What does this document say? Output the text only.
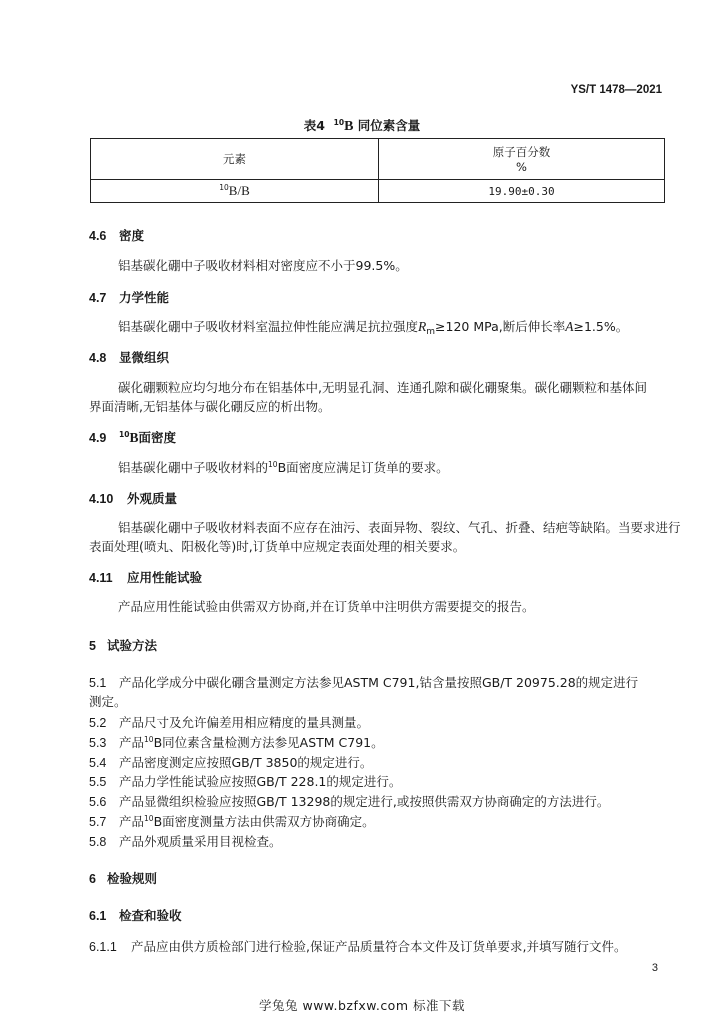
YS/T 1478—2021
表4 $^{10}$B 同位素含量
元素	原子百分数
%
$^{10}$B/B	19.90±0.30
4.6 密度
铝基碳化硼中子吸收材料相对密度应不小于99.5%。
4.7 力学性能
铝基碳化硼中子吸收材料室温拉伸性能应满足抗拉强度$R_m\ge 120$ MPa,断后伸长率A≥1.5%。
4.8 显微组织
碳化硼颗粒应均匀地分布在铝基体中,无明显孔洞、连通孔隙和碳化硼聚集。碳化硼颗粒和基体间
界面清晰,无铝基体与碳化硼反应的析出物。
4.9 $^{10}$B面密度
铝基碳化硼中子吸收材料的$^{10}$B面密度应满足订货单的要求。
4.10 外观质量
铝基碳化硼中子吸收材料表面不应存在油污、表面异物、裂纹、气孔、折叠、结疤等缺陷。当要求进行
表面处理(喷丸、阳极化等)时,订货单中应规定表面处理的相关要求。
4.11 应用性能试验
产品应用性能试验由供需双方协商,并在订货单中注明供方需要提交的报告。
5 试验方法
5.1 产品化学成分中碳化硼含量测定方法参见ASTM C791,钴含量按照GB/T 20975.28的规定进行
测定。
5.2 产品尺寸及允许偏差用相应精度的量具测量。
5.3 产品$^{10}$B同位素含量检测方法参见ASTM C791。
5.4 产品密度测定应按照GB/T 3850的规定进行。
5.5 产品力学性能试验应按照GB/T 228.1的规定进行。
5.6 产品显微组织检验应按照GB/T 13298的规定进行,或按照供需双方协商确定的方法进行。
5.7 产品$^{10}$B面密度测量方法由供需双方协商确定。
5.8 产品外观质量采用目视检查。
6 检验规则
6.1 检查和验收
6.1.1 产品应由供方质检部门进行检验,保证产品质量符合本文件及订货单要求,并填写随行文件。
3
学兔兔 www.bzfxw.com 标准下载
